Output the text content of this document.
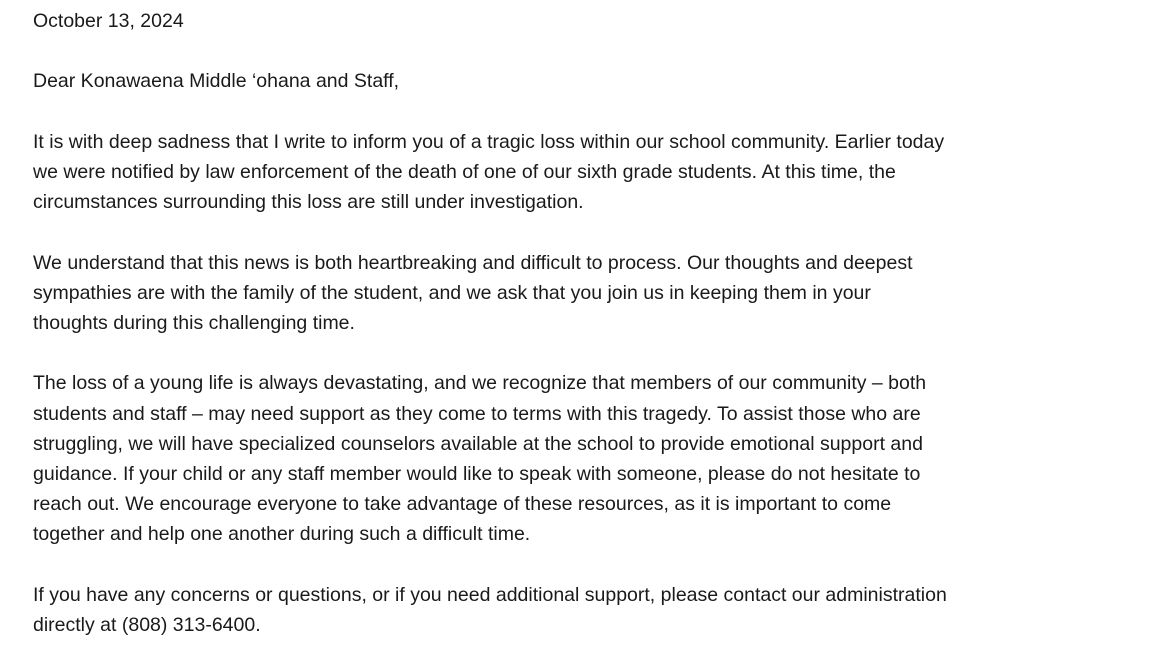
October 13, 2024

Dear Konawaena Middle ‘ohana and Staff,

It is with deep sadness that I write to inform you of a tragic loss within our school community. Earlier today
we were notified by law enforcement of the death of one of our sixth grade students. At this time, the
circumstances surrounding this loss are still under investigation.

We understand that this news is both heartbreaking and difficult to process. Our thoughts and deepest
sympathies are with the family of the student, and we ask that you join us in keeping them in your
thoughts during this challenging time.

The loss of a young life is always devastating, and we recognize that members of our community – both
students and staff – may need support as they come to terms with this tragedy. To assist those who are
struggling, we will have specialized counselors available at the school to provide emotional support and
guidance. If your child or any staff member would like to speak with someone, please do not hesitate to
reach out. We encourage everyone to take advantage of these resources, as it is important to come
together and help one another during such a difficult time.

If you have any concerns or questions, or if you need additional support, please contact our administration
directly at (808) 313-6400.
